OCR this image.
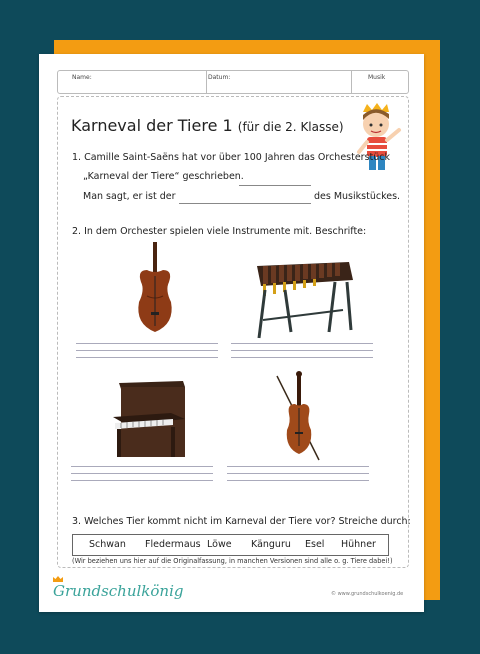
Name:	Datum:	Musik
Karneval der Tiere 1 (für die 2. Klasse)
1. Camille Saint-Saëns hat vor über 100 Jahren das Orchesterstück
„Karneval der Tiere“ geschrieben.
Man sagt, er ist der	des Musikstückes.
2. In dem Orchester spielen viele Instrumente mit. Beschrifte:
3. Welches Tier kommt nicht im Karneval der Tiere vor? Streiche durch:
Schwan Fledermaus Löwe Känguru Esel Hühner
(Wir beziehen uns hier auf die Originalfassung, in manchen Versionen sind alle o. g. Tiere dabei!)
Grundschulkönig	© www.grundschulkoenig.de
